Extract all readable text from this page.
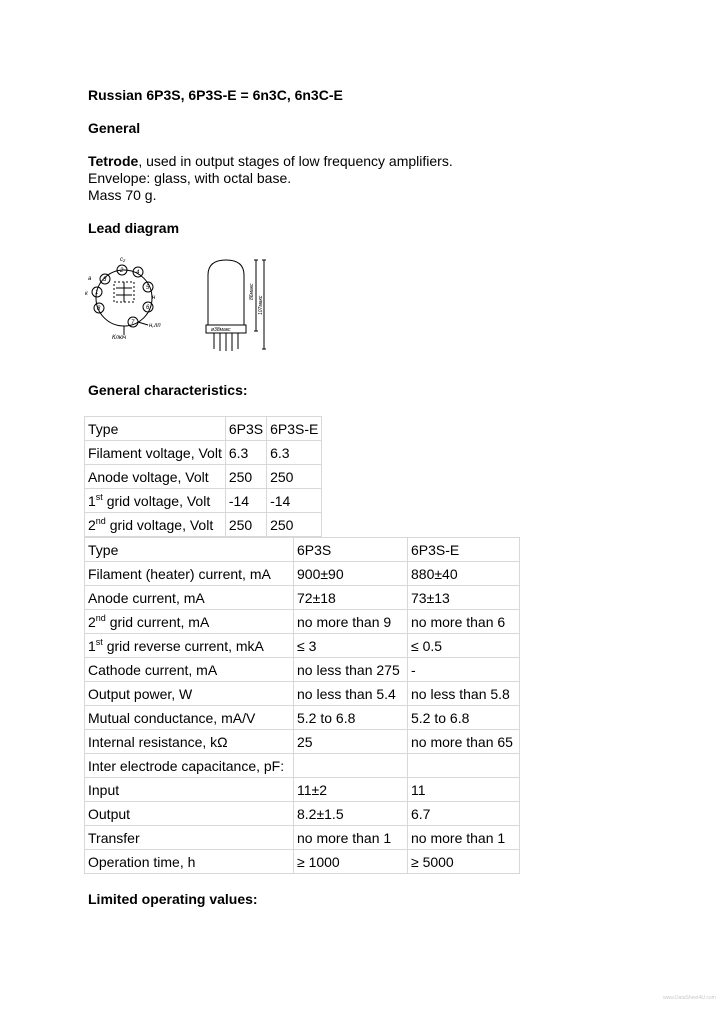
Russian 6P3S, 6P3S-E = 6n3C, 6n3C-E
General
Tetrode, used in output stages of low frequency amplifiers.
Envelope: glass, with octal base.
Mass 70 g.
Lead diagram
2 4
3
5
1
6
7
8
a
c₂
к
н
н,лп
Ключ
86макс
107макс
ø38макс
General characteristics:
Type	6P3S	6P3S-E
Filament voltage, Volt	6.3	6.3
Anode voltage, Volt	250	250
1st grid voltage, Volt	-14	-14
2nd grid voltage, Volt	250	250
Type	6P3S	6P3S-E
Filament (heater) current, mA	900±90	880±40
Anode current, mA	72±18	73±13
2nd grid current, mA	no more than 9	no more than 6
1st grid reverse current, mkA	≤ 3	≤ 0.5
Cathode current, mA	no less than 275	-
Output power, W	no less than 5.4	no less than 5.8
Mutual conductance, mA/V	5.2 to 6.8	5.2 to 6.8
Internal resistance, kΩ	25	no more than 65
Inter electrode capacitance, pF:		
Input	11±2	11
Output	8.2±1.5	6.7
Transfer	no more than 1	no more than 1
Operation time, h	≥ 1000	≥ 5000
Limited operating values:
www.DataSheet4U.com
